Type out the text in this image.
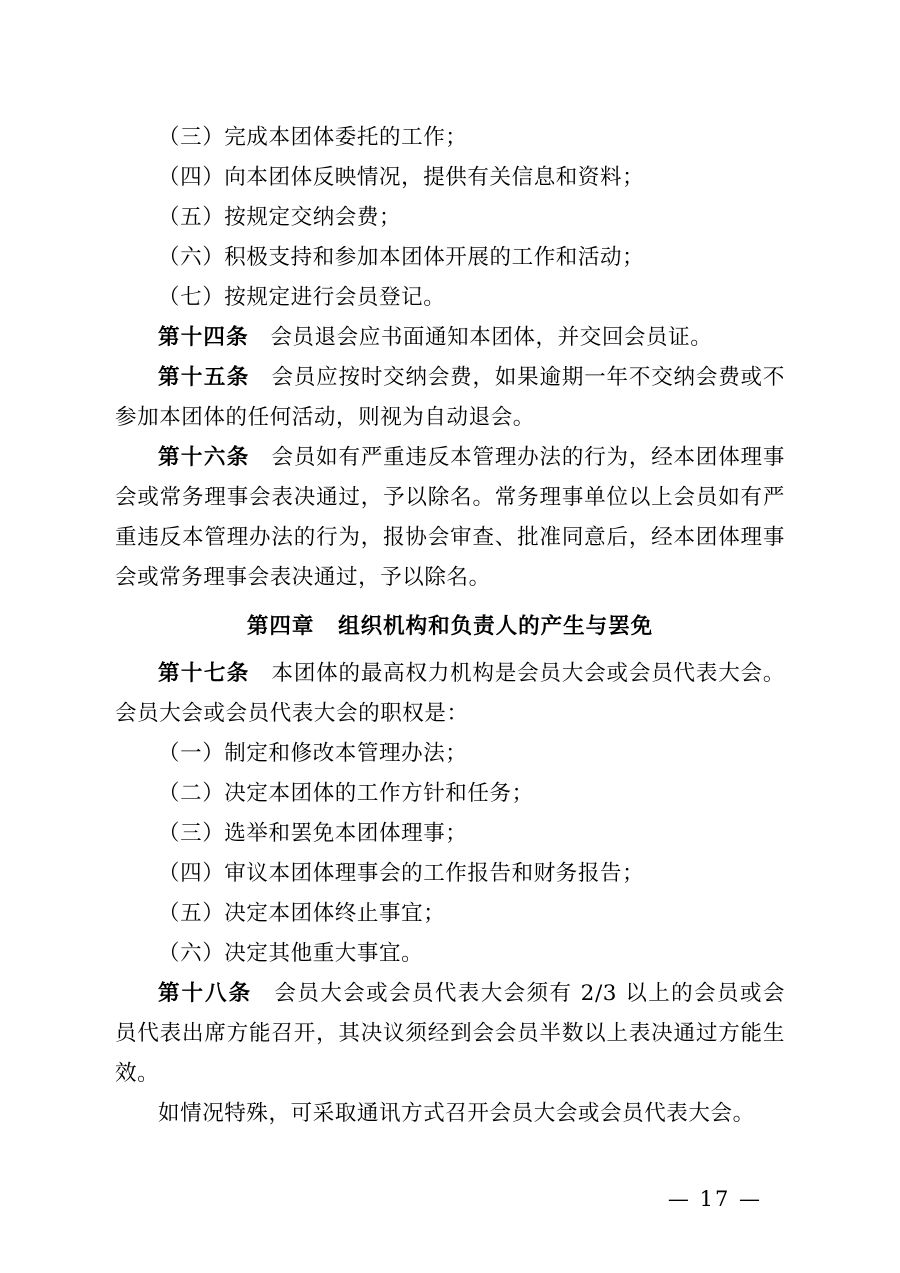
（三）完成本团体委托的工作；

（四）向本团体反映情况，提供有关信息和资料；

（五）按规定交纳会费；

（六）积极支持和参加本团体开展的工作和活动；

（七）按规定进行会员登记。

第十四条 会员退会应书面通知本团体，并交回会员证。

第十五条 会员应按时交纳会费，如果逾期一年不交纳会费或不参加本团体的任何活动，则视为自动退会。

第十六条 会员如有严重违反本管理办法的行为，经本团体理事会或常务理事会表决通过，予以除名。常务理事单位以上会员如有严重违反本管理办法的行为，报协会审查、批准同意后，经本团体理事会或常务理事会表决通过，予以除名。

第四章 组织机构和负责人的产生与罢免

第十七条 本团体的最高权力机构是会员大会或会员代表大会。会员大会或会员代表大会的职权是：

（一）制定和修改本管理办法；

（二）决定本团体的工作方针和任务；

（三）选举和罢免本团体理事；

（四）审议本团体理事会的工作报告和财务报告；

（五）决定本团体终止事宜；

（六）决定其他重大事宜。

第十八条 会员大会或会员代表大会须有 2/3 以上的会员或会员代表出席方能召开，其决议须经到会会员半数以上表决通过方能生效。

如情况特殊，可采取通讯方式召开会员大会或会员代表大会。

— 17 —
